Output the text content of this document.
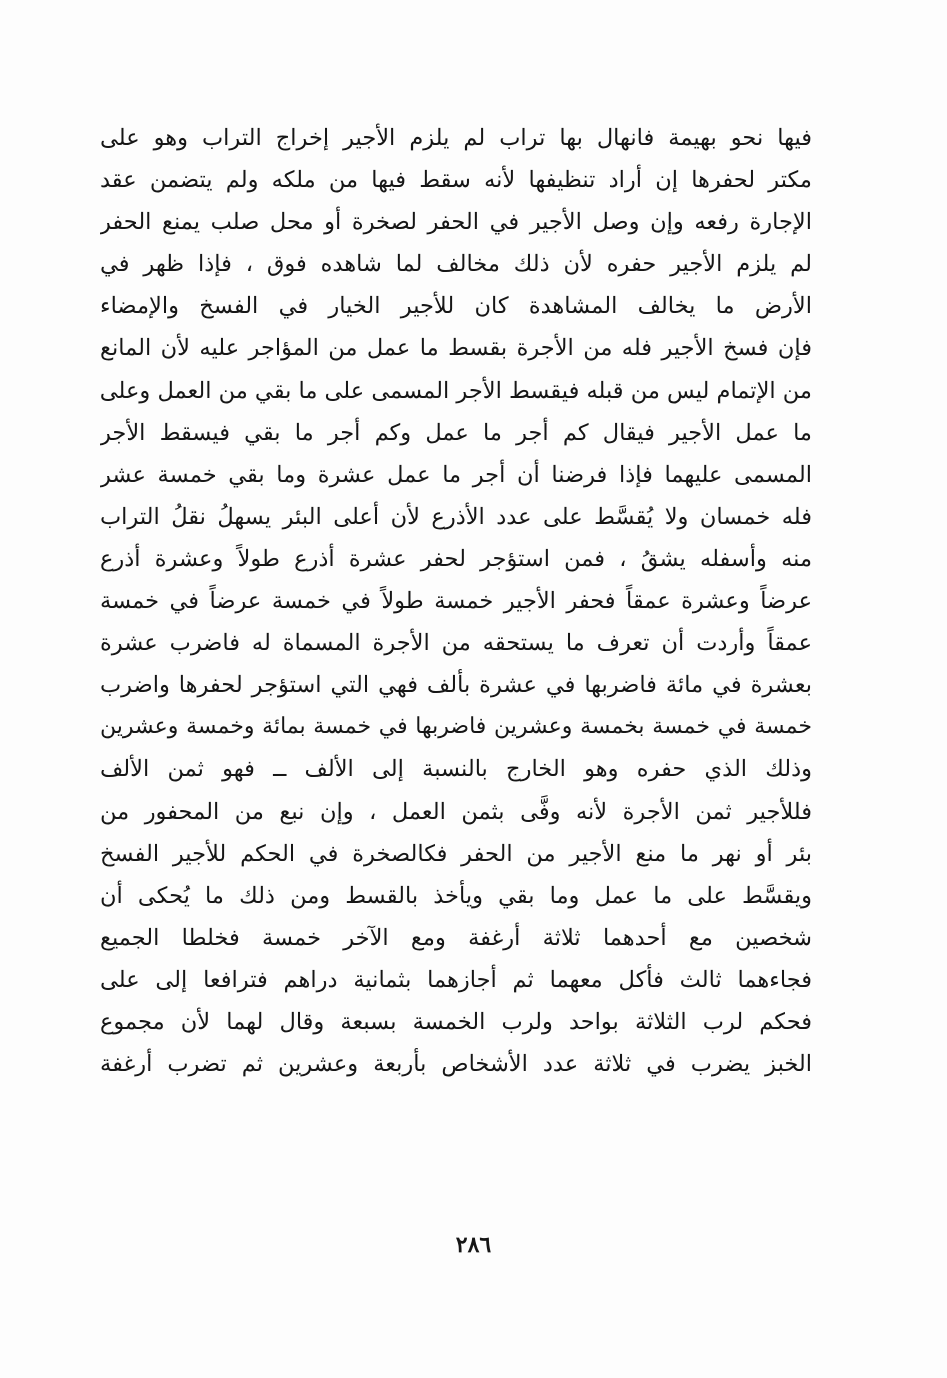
فيها نحو بهيمة فانهال بها تراب لم يلزم الأجير إخراج التراب وهو على
مكتر لحفرها إن أراد تنظيفها لأنه سقط فيها من ملكه ولم يتضمن عقد
الإجارة رفعه وإن وصل الأجير في الحفر لصخرة أو محل صلب يمنع الحفر
لم يلزم الأجير حفره لأن ذلك مخالف لما شاهده فوق ، فإذا ظهر في
الأرض ما يخالف المشاهدة كان للأجير الخيار في الفسخ والإمضاء
فإن فسخ الأجير فله من الأجرة بقسط ما عمل من المؤاجر عليه لأن المانع
من الإتمام ليس من قبله فيقسط الأجر المسمى على ما بقي من العمل وعلى
ما عمل الأجير فيقال كم أجر ما عمل وكم أجر ما بقي فيسقط الأجر
المسمى عليهما فإذا فرضنا أن أجر ما عمل عشرة وما بقي خمسة عشر
فله خمسان ولا يُقسَّط على عدد الأذرع لأن أعلى البئر يسهلُ نقلُ التراب
منه وأسفله يشقُ ، فمن استؤجر لحفر عشرة أذرع طولاً وعشرة أذرع
عرضاً وعشرة عمقاً فحفر الأجير خمسة طولاً في خمسة عرضاً في خمسة
عمقاً وأردت أن تعرف ما يستحقه من الأجرة المسماة له فاضرب عشرة
بعشرة في مائة فاضربها في عشرة بألف فهي التي استؤجر لحفرها واضرب
خمسة في خمسة بخمسة وعشرين فاضربها في خمسة بمائة وخمسة وعشرين
وذلك الذي حفره وهو الخارج بالنسبة إلى الألف ــ فهو ثمن الألف
فللأجير ثمن الأجرة لأنه وفَّى بثمن العمل ، وإن نبع من المحفور من
بئر أو نهر ما منع الأجير من الحفر فكالصخرة في الحكم للأجير الفسخ
ويقسَّط على ما عمل وما بقي ويأخذ بالقسط ومن ذلك ما يُحكى أن
شخصين مع أحدهما ثلاثة أرغفة ومع الآخر خمسة فخلطا الجميع
فجاءهما ثالث فأكل معهما ثم أجازهما بثمانية دراهم فترافعا إلى على
فحكم لرب الثلاثة بواحد ولرب الخمسة بسبعة وقال لهما لأن مجموع
الخبز يضرب في ثلاثة عدد الأشخاص بأربعة وعشرين ثم تضرب أرغفة
٢٨٦
